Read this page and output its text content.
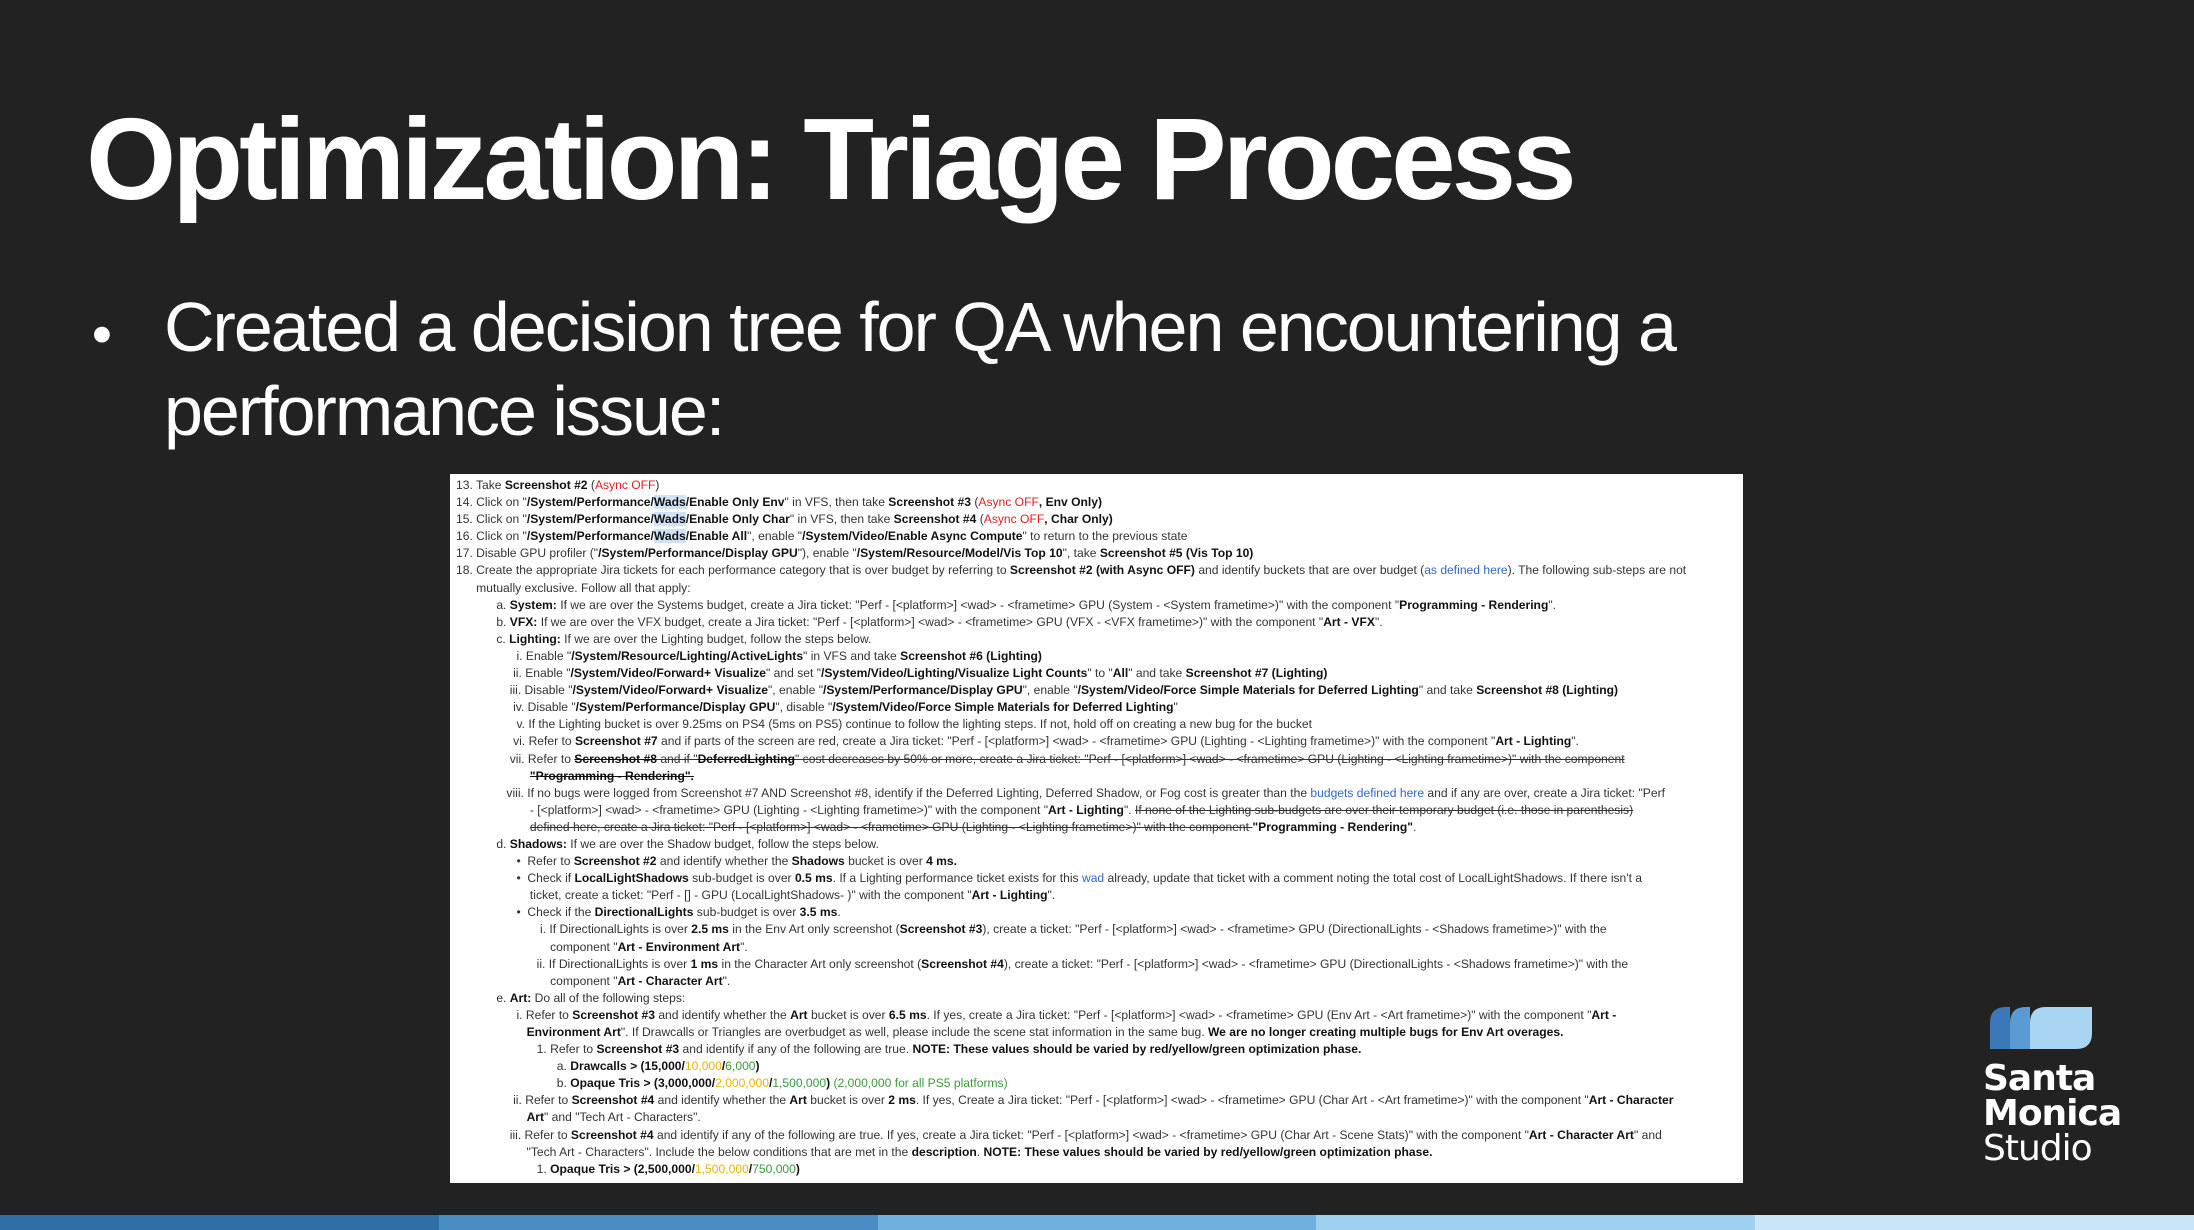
Optimization: Triage Process
• Created a decision tree for QA when encountering a performance issue:

13. Take Screenshot #2 (Async OFF)
14. Click on "/System/Performance/Wads/Enable Only Env" in VFS, then take Screenshot #3 (Async OFF, Env Only)
15. Click on "/System/Performance/Wads/Enable Only Char" in VFS, then take Screenshot #4 (Async OFF, Char Only)
16. Click on "/System/Performance/Wads/Enable All", enable "/System/Video/Enable Async Compute" to return to the previous state
17. Disable GPU profiler ("/System/Performance/Display GPU"), enable "/System/Resource/Model/Vis Top 10", take Screenshot #5 (Vis Top 10)
18. Create the appropriate Jira tickets for each performance category that is over budget by referring to Screenshot #2 (with Async OFF) and identify buckets that are over budget (as defined here). The following sub-steps are not
mutually exclusive. Follow all that apply:
a. System: If we are over the Systems budget, create a Jira ticket: "Perf - [<platform>] <wad> - <frametime> GPU (System - <System frametime>)" with the component "Programming - Rendering".
b. VFX: If we are over the VFX budget, create a Jira ticket: "Perf - [<platform>] <wad> - <frametime> GPU (VFX - <VFX frametime>)" with the component "Art - VFX".
c. Lighting: If we are over the Lighting budget, follow the steps below.
i. Enable "/System/Resource/Lighting/ActiveLights" in VFS and take Screenshot #6 (Lighting)
ii. Enable "/System/Video/Forward+ Visualize" and set "/System/Video/Lighting/Visualize Light Counts" to "All" and take Screenshot #7 (Lighting)
iii. Disable "/System/Video/Forward+ Visualize", enable "/System/Performance/Display GPU", enable "/System/Video/Force Simple Materials for Deferred Lighting" and take Screenshot #8 (Lighting)
iv. Disable "/System/Performance/Display GPU", disable "/System/Video/Force Simple Materials for Deferred Lighting"
v. If the Lighting bucket is over 9.25ms on PS4 (5ms on PS5) continue to follow the lighting steps. If not, hold off on creating a new bug for the bucket
vi. Refer to Screenshot #7 and if parts of the screen are red, create a Jira ticket: "Perf - [<platform>] <wad> - <frametime> GPU (Lighting - <Lighting frametime>)" with the component "Art - Lighting".
vii. Refer to Screenshot #8 and if "DeferredLighting" cost decreases by 50% or more, create a Jira ticket: "Perf - [<platform>] <wad> - <frametime> GPU (Lighting - <Lighting frametime>)" with the component
"Programming - Rendering".
viii. If no bugs were logged from Screenshot #7 AND Screenshot #8, identify if the Deferred Lighting, Deferred Shadow, or Fog cost is greater than the budgets defined here and if any are over, create a Jira ticket: "Perf
- [<platform>] <wad> - <frametime> GPU (Lighting - <Lighting frametime>)" with the component "Art - Lighting". If none of the Lighting sub-budgets are over their temporary budget (i.e. those in parenthesis)
defined here, create a Jira ticket: "Perf - [<platform>] <wad> - <frametime> GPU (Lighting - <Lighting frametime>)" with the component "Programming - Rendering".
d. Shadows: If we are over the Shadow budget, follow the steps below.
•  Refer to Screenshot #2 and identify whether the Shadows bucket is over 4 ms.
•  Check if LocalLightShadows sub-budget is over 0.5 ms. If a Lighting performance ticket exists for this wad already, update that ticket with a comment noting the total cost of LocalLightShadows. If there isn't a
ticket, create a ticket: "Perf - [] - GPU (LocalLightShadows- )" with the component "Art - Lighting".
•  Check if the DirectionalLights sub-budget is over 3.5 ms.
i. If DirectionalLights is over 2.5 ms in the Env Art only screenshot (Screenshot #3), create a ticket: "Perf - [<platform>] <wad> - <frametime> GPU (DirectionalLights - <Shadows frametime>)" with the
component "Art - Environment Art".
ii. If DirectionalLights is over 1 ms in the Character Art only screenshot (Screenshot #4), create a ticket: "Perf - [<platform>] <wad> - <frametime> GPU (DirectionalLights - <Shadows frametime>)" with the
component "Art - Character Art".
e. Art: Do all of the following steps:
i. Refer to Screenshot #3 and identify whether the Art bucket is over 6.5 ms. If yes, create a Jira ticket: "Perf - [<platform>] <wad> - <frametime> GPU (Env Art - <Art frametime>)" with the component "Art -
Environment Art". If Drawcalls or Triangles are overbudget as well, please include the scene stat information in the same bug. We are no longer creating multiple bugs for Env Art overages.
1. Refer to Screenshot #3 and identify if any of the following are true. NOTE: These values should be varied by red/yellow/green optimization phase.
a. Drawcalls > (15,000/10,000/6,000)
b. Opaque Tris > (3,000,000/2,000,000/1,500,000) (2,000,000 for all PS5 platforms)
ii. Refer to Screenshot #4 and identify whether the Art bucket is over 2 ms. If yes, Create a Jira ticket: "Perf - [<platform>] <wad> - <frametime> GPU (Char Art - <Art frametime>)" with the component "Art - Character
Art" and "Tech Art - Characters".
iii. Refer to Screenshot #4 and identify if any of the following are true. If yes, create a Jira ticket: "Perf - [<platform>] <wad> - <frametime> GPU (Char Art - Scene Stats)" with the component "Art - Character Art" and
"Tech Art - Characters". Include the below conditions that are met in the description. NOTE: These values should be varied by red/yellow/green optimization phase.
1. Opaque Tris > (2,500,000/1,500,000/750,000)
Santa
Monica
Studio
